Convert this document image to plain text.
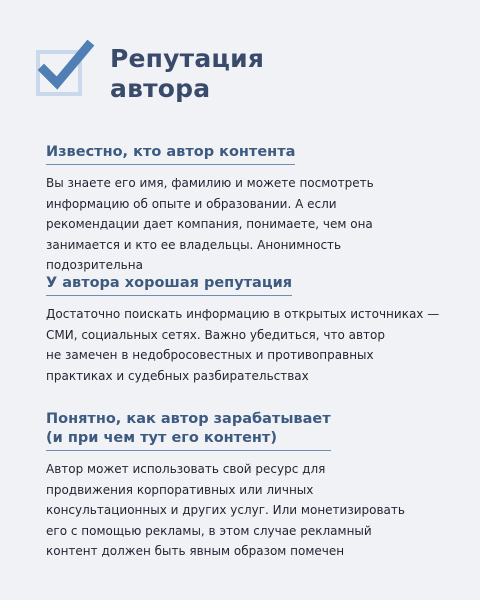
Репутация
автора
Известно, кто автор контента
Вы знаете его имя, фамилию и можете посмотреть
информацию об опыте и образовании. А если
рекомендации дает компания, понимаете, чем она
занимается и кто ее владельцы. Анонимность
подозрительна
У автора хорошая репутация
Достаточно поискать информацию в открытых источниках —
СМИ, социальных сетях. Важно убедиться, что автор
не замечен в недобросовестных и противоправных
практиках и судебных разбирательствах
Понятно, как автор зарабатывает
(и при чем тут его контент)
Автор может использовать свой ресурс для
продвижения корпоративных или личных
консультационных и других услуг. Или монетизировать
его с помощью рекламы, в этом случае рекламный
контент должен быть явным образом помечен
